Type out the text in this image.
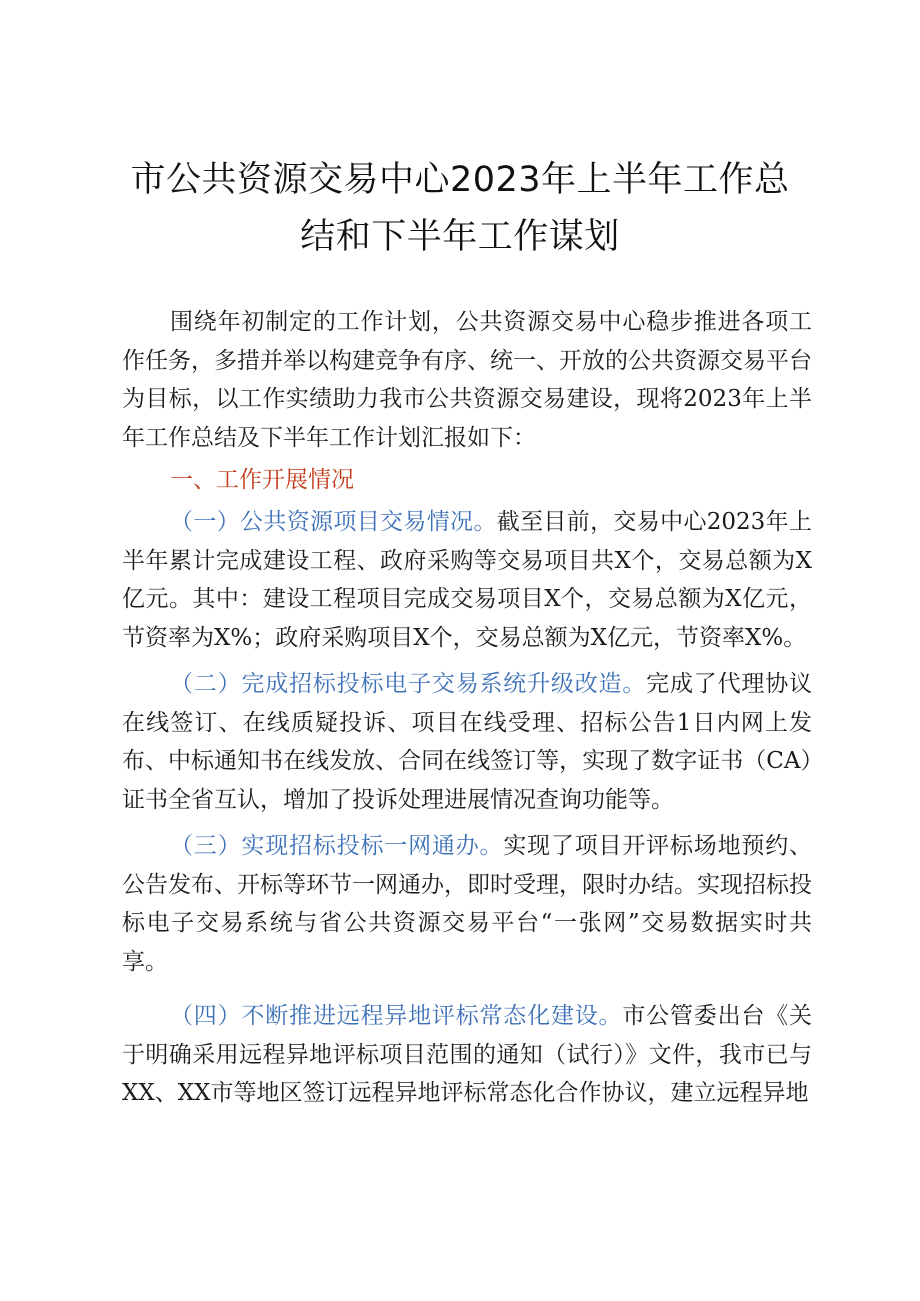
市公共资源交易中心2023年上半年工作总
结和下半年工作谋划

围绕年初制定的工作计划，公共资源交易中心稳步推进各项工作任务，多措并举以构建竞争有序、统一、开放的公共资源交易平台为目标，以工作实绩助力我市公共资源交易建设，现将2023年上半年工作总结及下半年工作计划汇报如下：

一、工作开展情况

（一）公共资源项目交易情况。截至目前，交易中心2023年上半年累计完成建设工程、政府采购等交易项目共X个，交易总额为X亿元。其中：建设工程项目完成交易项目X个，交易总额为X亿元，节资率为X%；政府采购项目X个，交易总额为X亿元，节资率X%。

（二）完成招标投标电子交易系统升级改造。完成了代理协议在线签订、在线质疑投诉、项目在线受理、招标公告1日内网上发布、中标通知书在线发放、合同在线签订等，实现了数字证书（CA）证书全省互认，增加了投诉处理进展情况查询功能等。

（三）实现招标投标一网通办。实现了项目开评标场地预约、公告发布、开标等环节一网通办，即时受理，限时办结。实现招标投标电子交易系统与省公共资源交易平台“一张网”交易数据实时共享。

（四）不断推进远程异地评标常态化建设。市公管委出台《关于明确采用远程异地评标项目范围的通知（试行）》文件，我市已与XX、XX市等地区签订远程异地评标常态化合作协议，建立远程异地
